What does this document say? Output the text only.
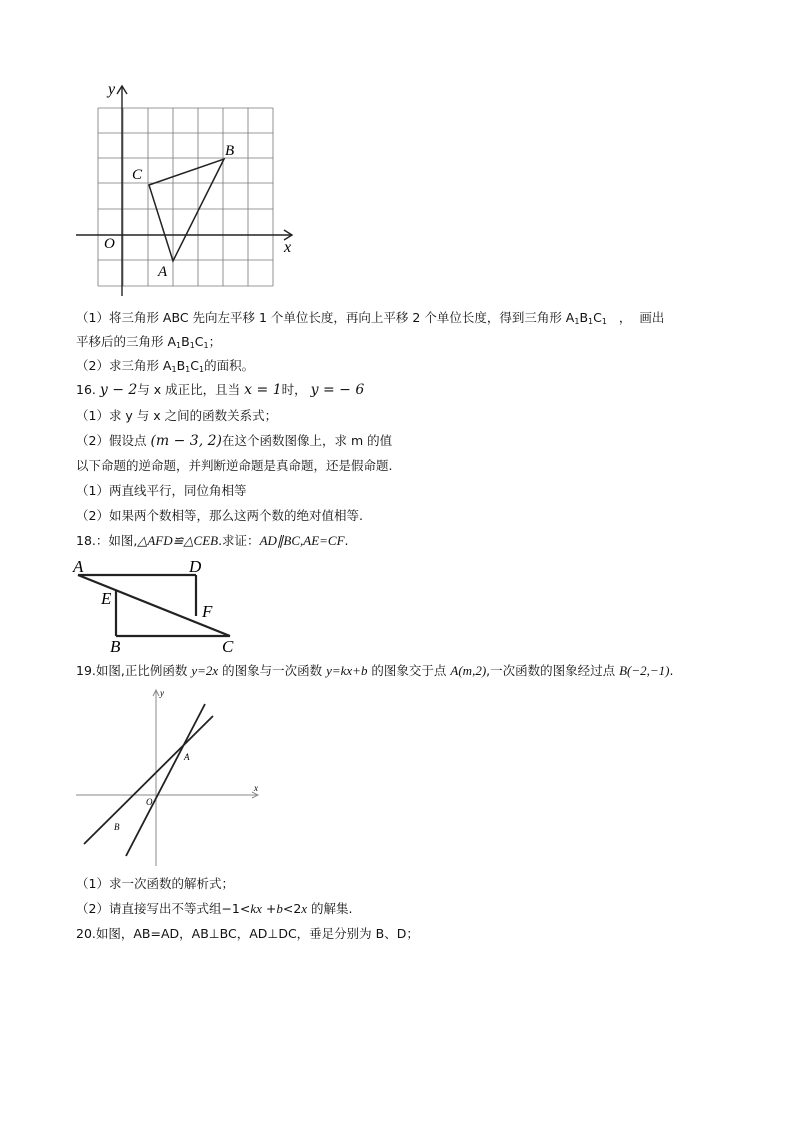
y
x
O
A
B
C
（1）将三角形 ABC 先向左平移 1 个单位长度，再向上平移 2 个单位长度，得到三角形 $A_1B_1C_1$   ，  画出
平移后的三角形 $A_1B_1C_1$；
（2）求三角形 $A_1B_1C_1$的面积。
16. y − 2与 x 成正比，且当 x = 1时， y = − 6
（1）求 y 与 x 之间的函数关系式；
（2）假设点 (m − 3, 2)在这个函数图像上，求 m 的值
以下命题的逆命题，并判断逆命题是真命题，还是假命题.
（1）两直线平行，同位角相等
（2）如果两个数相等，那么这两个数的绝对值相等.
18.：如图,△AFD≌△CEB.求证：AD∥BC,AE=CF.
A	D
E
F
B	C
19.如图,正比例函数 y=2x 的图象与一次函数 y=kx+b 的图象交于点 A(m,2),一次函数的图象经过点 B(−2,−1).
y
x
O
A
B
（1）求一次函数的解析式；
（2）请直接写出不等式组−1<kx +b<2x 的解集.
20.如图，AB=AD，AB⊥BC，AD⊥DC，垂足分别为 B、D；
